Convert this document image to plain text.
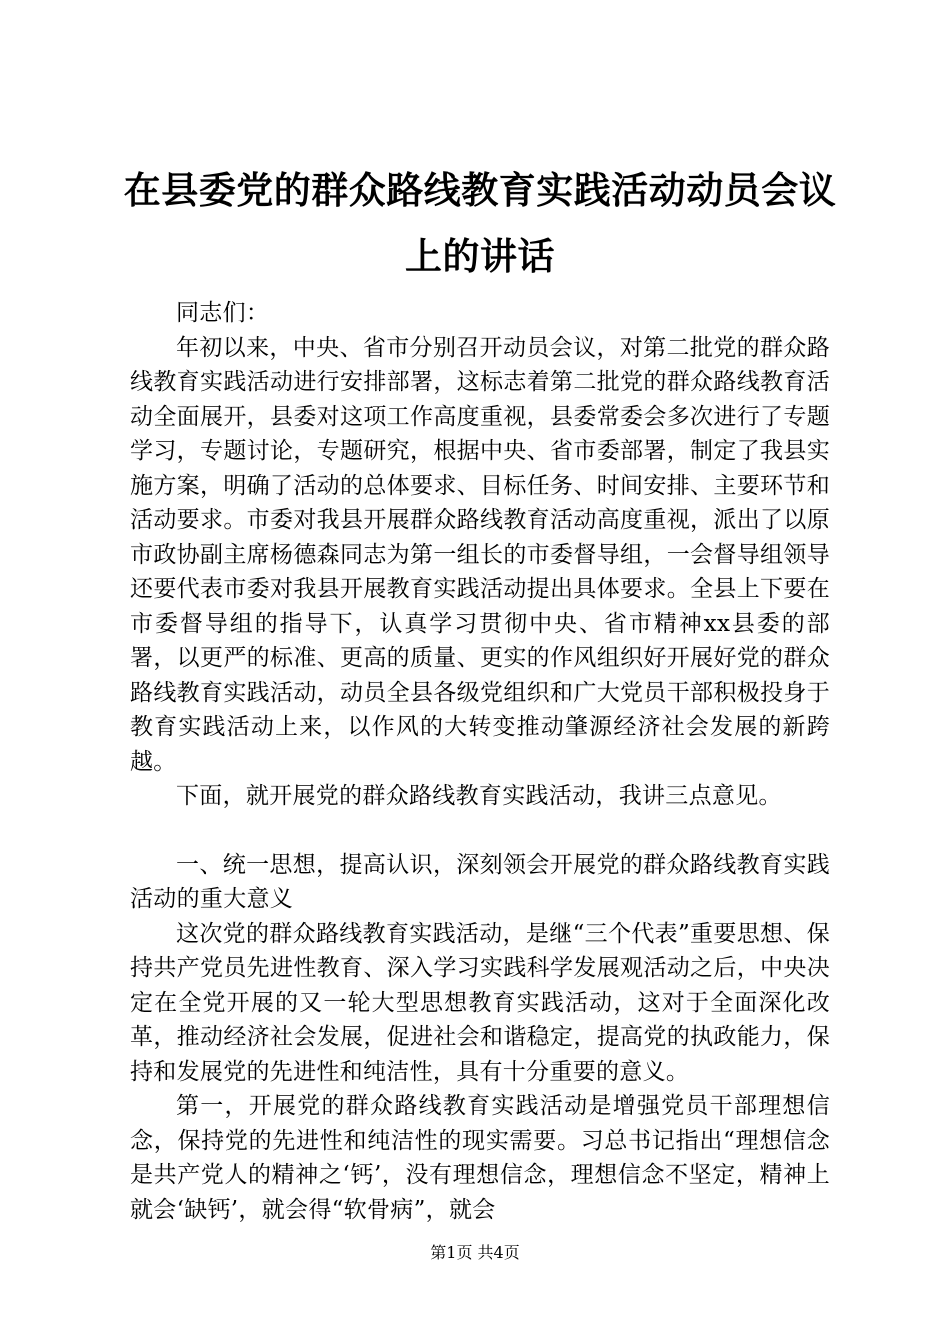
在县委党的群众路线教育实践活动动员会议上的讲话

同志们：

年初以来，中央、省市分别召开动员会议，对第二批党的群众路线教育实践活动进行安排部署，这标志着第二批党的群众路线教育活动全面展开，县委对这项工作高度重视，县委常委会多次进行了专题学习，专题讨论，专题研究，根据中央、省市委部署，制定了我县实施方案，明确了活动的总体要求、目标任务、时间安排、主要环节和活动要求。市委对我县开展群众路线教育活动高度重视，派出了以原市政协副主席杨德森同志为第一组长的市委督导组，一会督导组领导还要代表市委对我县开展教育实践活动提出具体要求。全县上下要在市委督导组的指导下，认真学习贯彻中央、省市精神xx县委的部署，以更严的标准、更高的质量、更实的作风组织好开展好党的群众路线教育实践活动，动员全县各级党组织和广大党员干部积极投身于教育实践活动上来，以作风的大转变推动肇源经济社会发展的新跨越。

下面，就开展党的群众路线教育实践活动，我讲三点意见。

一、统一思想，提高认识，深刻领会开展党的群众路线教育实践活动的重大意义

这次党的群众路线教育实践活动，是继“三个代表”重要思想、保持共产党员先进性教育、深入学习实践科学发展观活动之后，中央决定在全党开展的又一轮大型思想教育实践活动，这对于全面深化改革，推动经济社会发展，促进社会和谐稳定，提高党的执政能力，保持和发展党的先进性和纯洁性，具有十分重要的意义。

第一，开展党的群众路线教育实践活动是增强党员干部理想信念，保持党的先进性和纯洁性的现实需要。习总书记指出“理想信念是共产党人的精神之‘钙’，没有理想信念，理想信念不坚定，精神上就会‘缺钙’，就会得“软骨病”，就会

第1页 共4页
